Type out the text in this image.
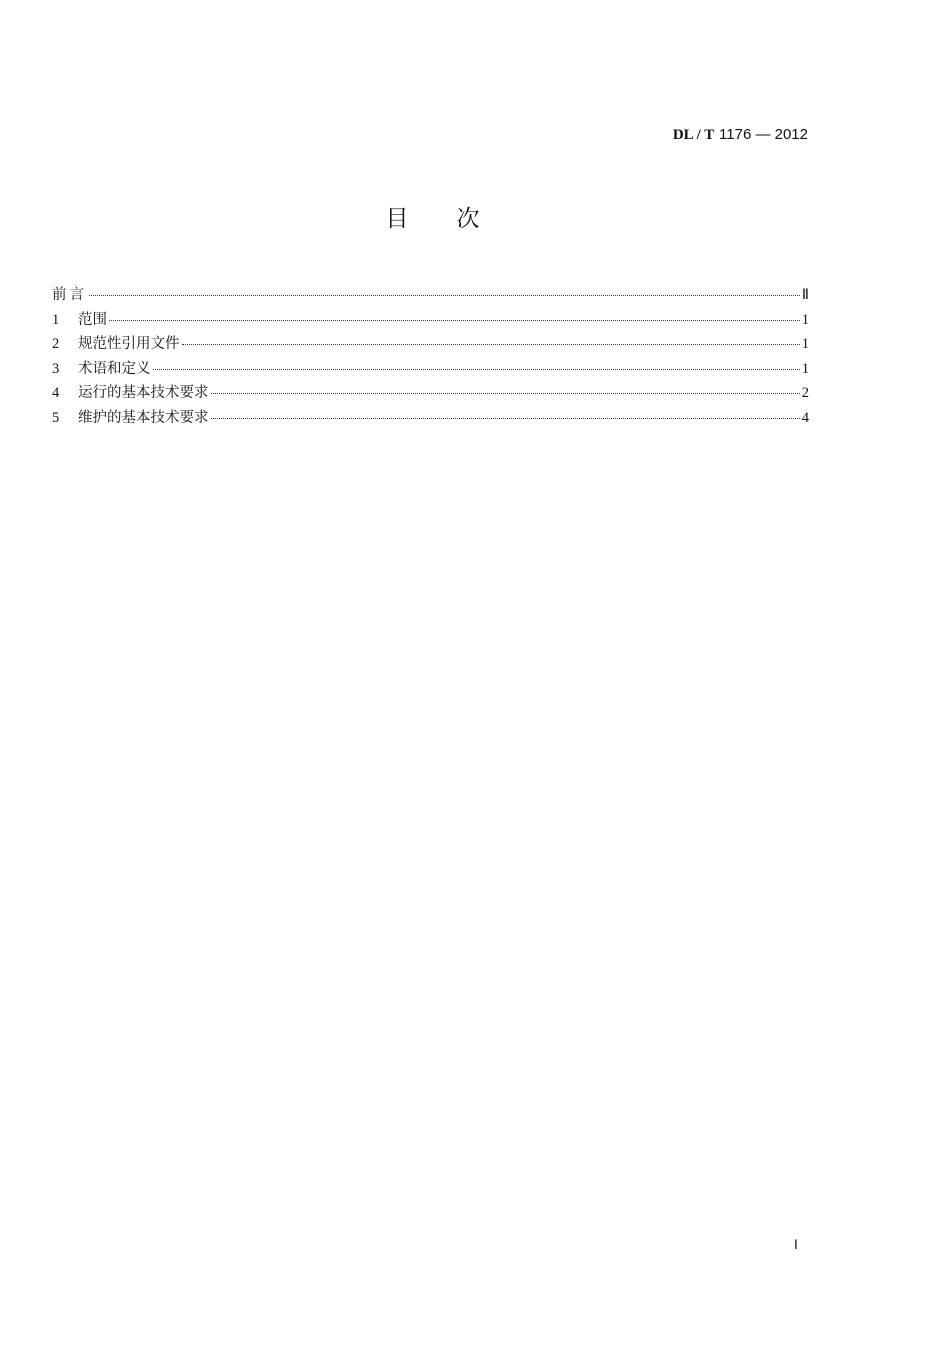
DL / T 1176 — 2012
目次
前言	Ⅱ
1	范围	1
2	规范性引用文件	1
3	术语和定义	1
4	运行的基本技术要求	2
5	维护的基本技术要求	4
Ⅰ
